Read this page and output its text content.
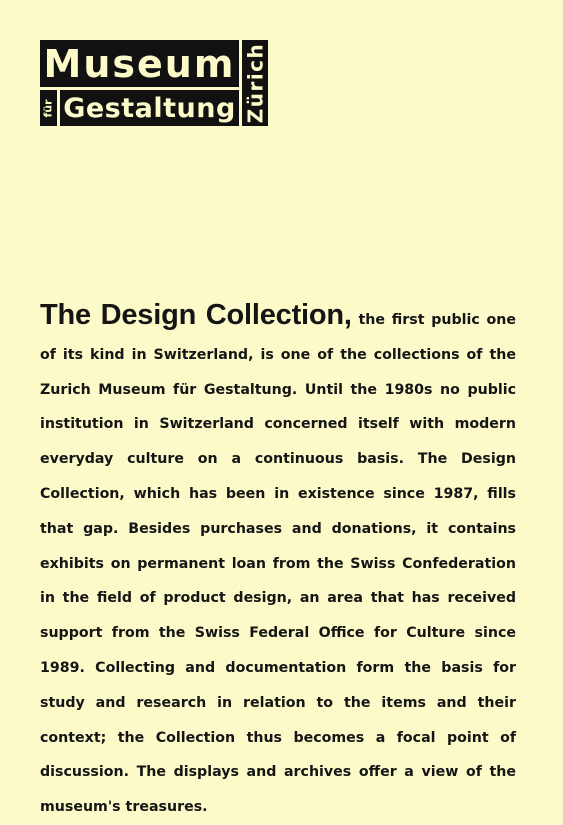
Museum
für Gestaltung Zürich
The Design Collection, the first public one of its kind in Switzerland, is one of the collections of the Zurich Museum für Gestaltung. Until the 1980s no public institution in Switzerland concerned itself with modern everyday culture on a continuous basis. The Design Collection, which has been in existence since 1987, fills that gap. Besides purchases and donations, it contains exhibits on permanent loan from the Swiss Confederation in the field of product design, an area that has received support from the Swiss Federal Office for Culture since 1989. Collecting and documentation form the basis for study and research in relation to the items and their context; the Collection thus becomes a focal point of discussion. The displays and archives offer a view of the museum's treasures.
